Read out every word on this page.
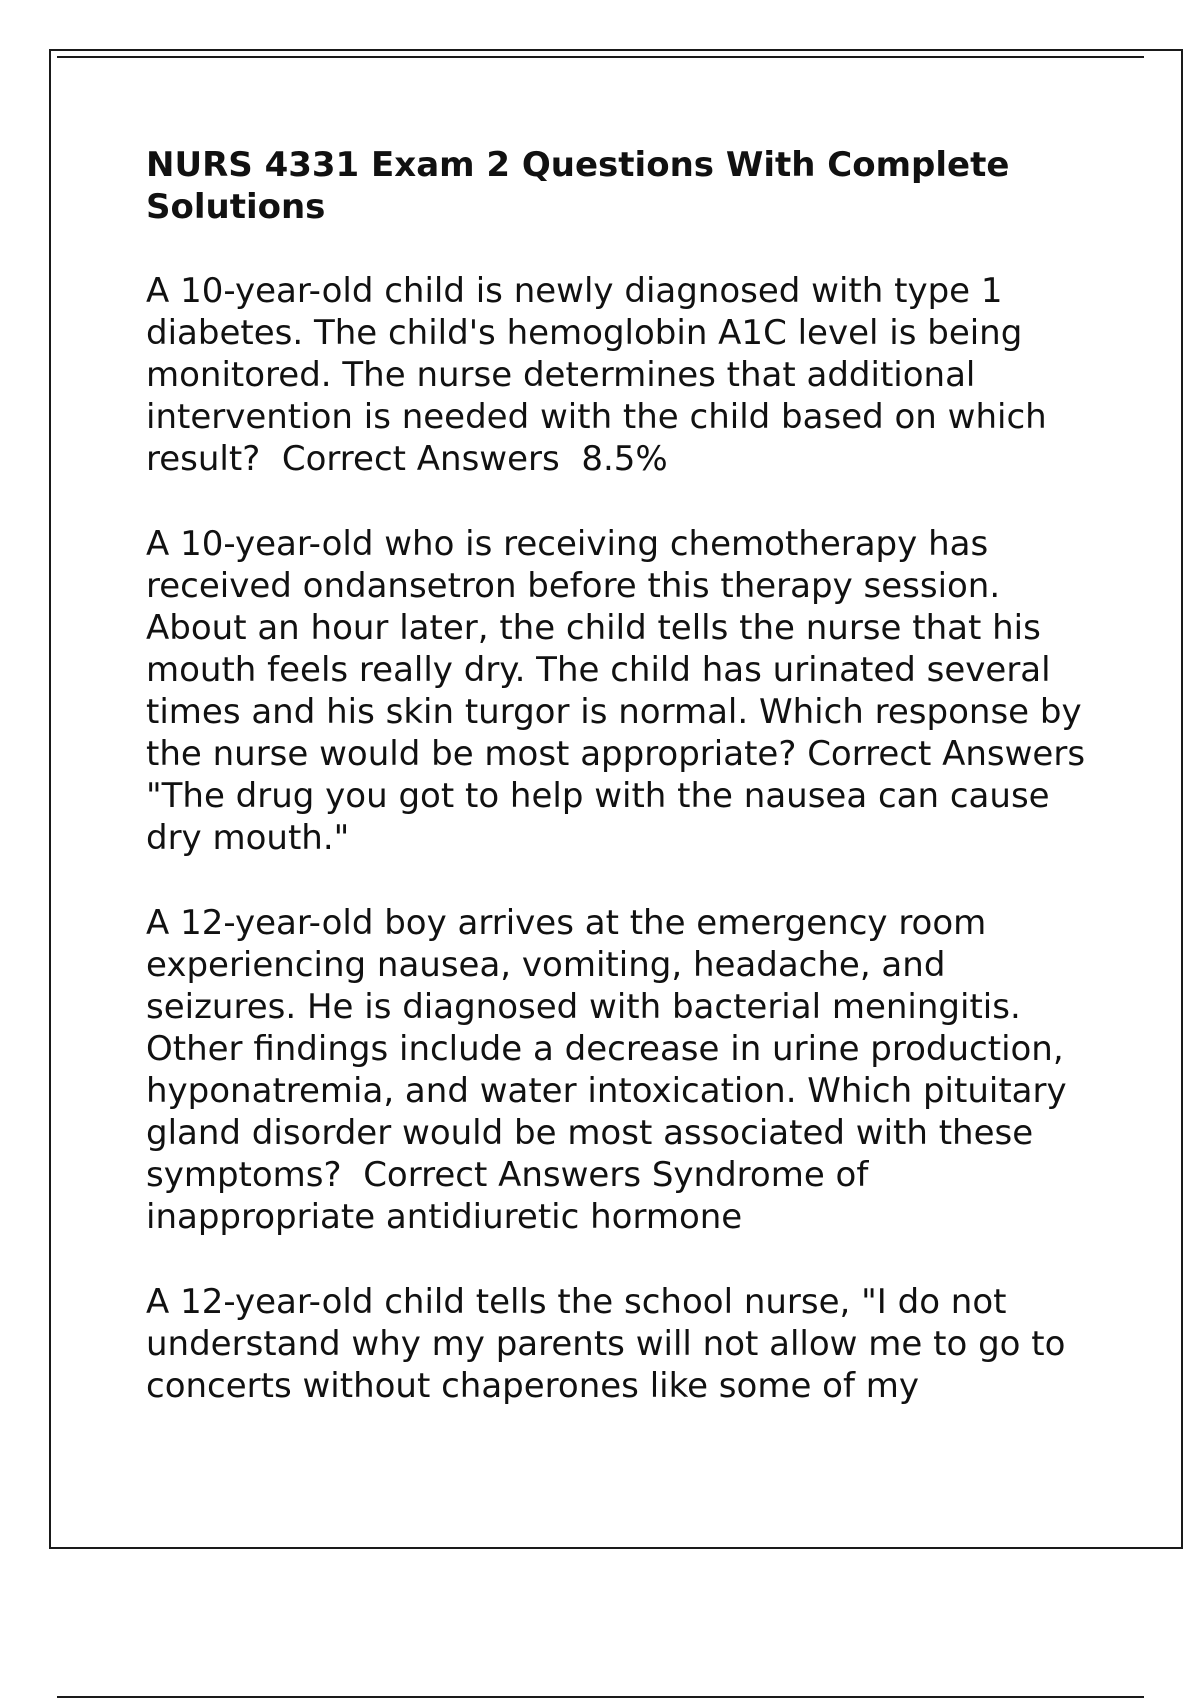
NURS 4331 Exam 2 Questions With Complete Solutions

A 10-year-old child is newly diagnosed with type 1 diabetes. The child's hemoglobin A1C level is being monitored. The nurse determines that additional intervention is needed with the child based on which result? Correct Answers 8.5%

A 10-year-old who is receiving chemotherapy has received ondansetron before this therapy session. About an hour later, the child tells the nurse that his mouth feels really dry. The child has urinated several times and his skin turgor is normal. Which response by the nurse would be most appropriate? Correct Answers  "The drug you got to help with the nausea can cause dry mouth."

A 12-year-old boy arrives at the emergency room experiencing nausea, vomiting, headache, and seizures. He is diagnosed with bacterial meningitis. Other findings include a decrease in urine production, hyponatremia, and water intoxication. Which pituitary gland disorder would be most associated with these symptoms? Correct Answers Syndrome of inappropriate antidiuretic hormone

A 12-year-old child tells the school nurse, "I do not understand why my parents will not allow me to go to concerts without chaperones like some of my
